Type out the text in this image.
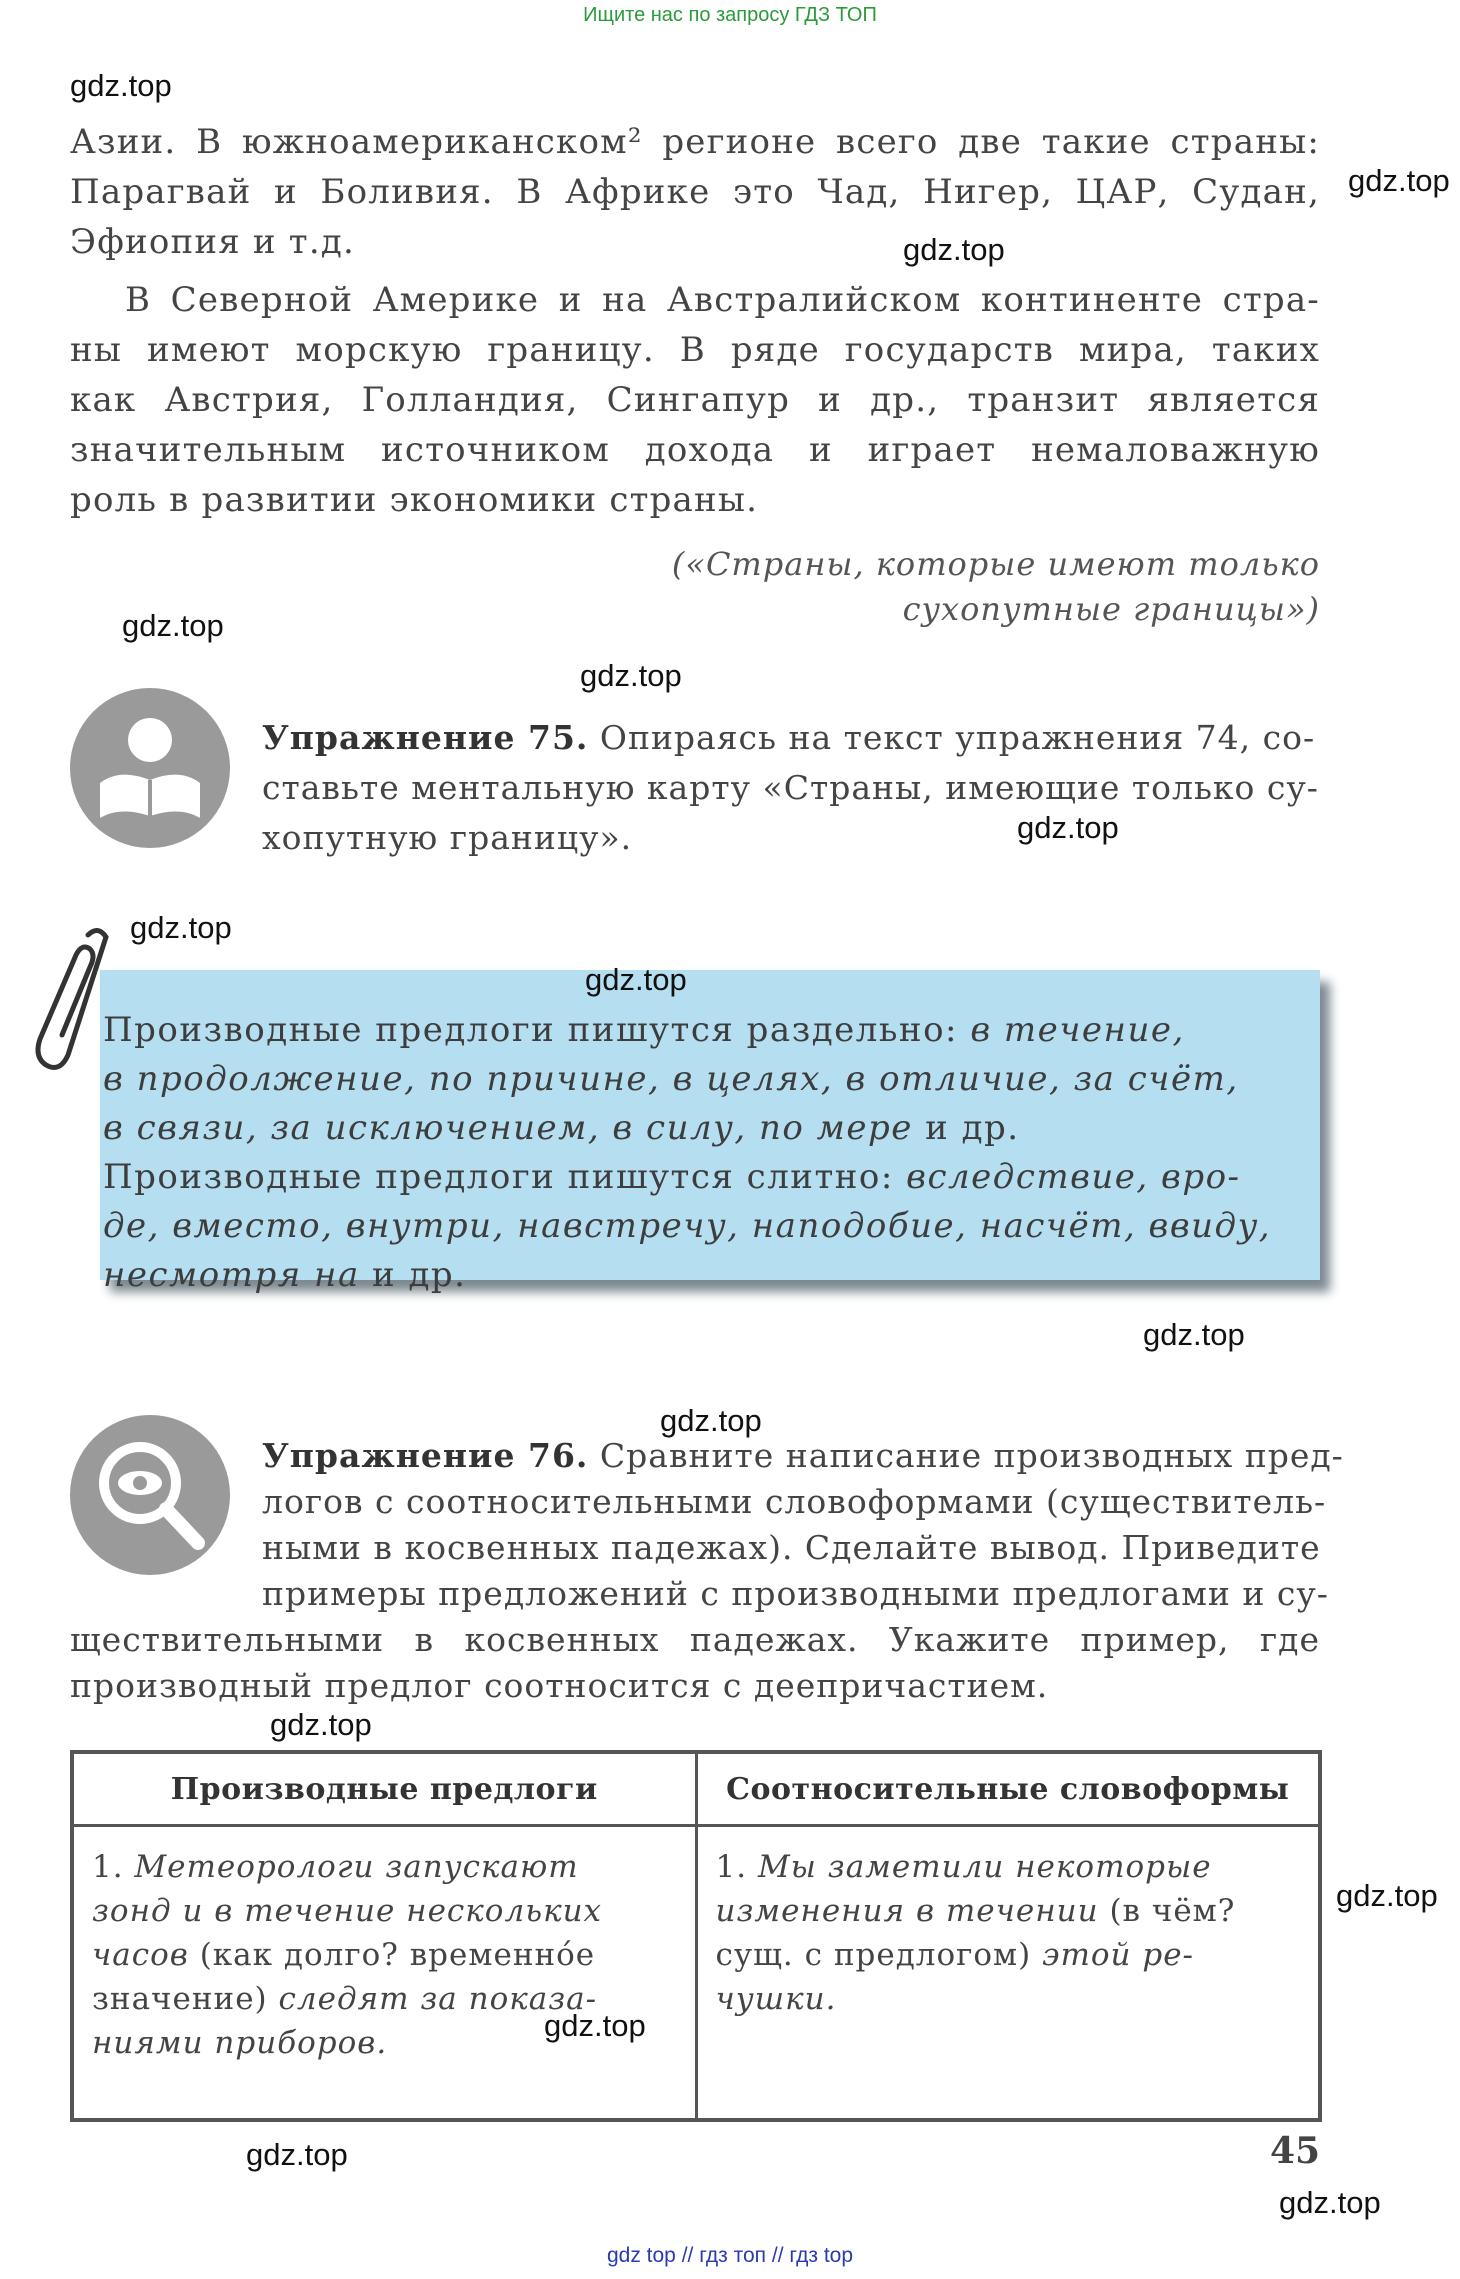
Ищите нас по запросу ГДЗ ТОП
Азии. В южноамериканском² регионе всего две такие страны:
Парагвай и Боливия. В Африке это Чад, Нигер, ЦАР, Судан,
Эфиопия и т.д.
В Северной Америке и на Австралийском континенте стра-
ны имеют морскую границу. В ряде государств мира, таких
как Австрия, Голландия, Сингапур и др., транзит является
значительным источником дохода и играет немаловажную
роль в развитии экономики страны.
(«Страны, которые имеют только
сухопутные границы»)
Упражнение 75. Опираясь на текст упражнения 74, со-
ставьте ментальную карту «Страны, имеющие только су-
хопутную границу».
Производные предлоги пишутся раздельно: в течение,
в продолжение, по причине, в целях, в отличие, за счёт,
в связи, за исключением, в силу, по мере и др.
Производные предлоги пишутся слитно: вследствие, вро-
де, вместо, внутри, навстречу, наподобие, насчёт, ввиду,
несмотря на и др.
Упражнение 76. Сравните написание производных пред-
логов с соотносительными словоформами (существитель-
ными в косвенных падежах). Сделайте вывод. Приведите
примеры предложений с производными предлогами и су-
ществительными в косвенных падежах. Укажите пример, где
производный предлог соотносится с деепричастием.
Производные предлоги	Соотносительные словоформы
1. Метеорологи запускают
зонд и в течение нескольких
часов (как долго? временно́е
значение) следят за показа-
ниями приборов.	1. Мы заметили некоторые
изменения в течении (в чём?
сущ. с предлогом) этой ре-
чушки.
45
gdz.top
gdz.top
gdz.top
gdz.top
gdz.top
gdz.top
gdz.top
gdz.top
gdz.top
gdz.top
gdz.top
gdz.top
gdz.top
gdz.top
gdz.top
gdz top // гдз топ // гдз top
